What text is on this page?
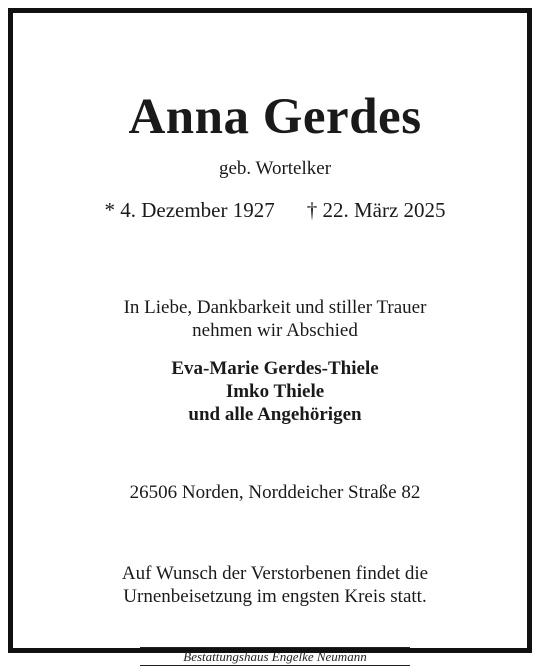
Anna Gerdes
geb. Wortelker
* 4. Dezember 1927 † 22. März 2025
In Liebe, Dankbarkeit und stiller Trauer
nehmen wir Abschied
Eva-Marie Gerdes-Thiele
Imko Thiele
und alle Angehörigen
26506 Norden, Norddeicher Straße 82
Auf Wunsch der Verstorbenen findet die
Urnenbeisetzung im engsten Kreis statt.
Bestattungshaus Engelke Neumann
